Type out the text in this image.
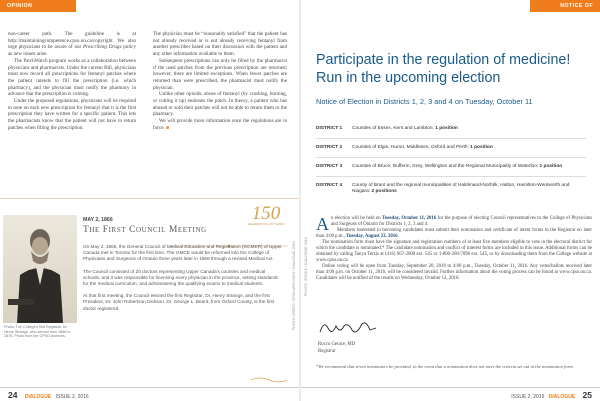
OPINION

non-career path. The guideline is at http://maintainingcompetence.cpso.on.ca/copyright. We also urge physicians to be aware of our Prescribing Drugs policy as new issues arise.

The PatchWatch program works as a collaboration between physicians and pharmacists. Under the current Bill, physicians must now record all prescriptions for fentanyl patches where the patient intends to fill the prescription (i.e. which pharmacy), and the physician must notify the pharmacy in advance that the prescription is coming.

Under the proposed regulations, physicians will be required to note on each new prescription for fentanyl that it is the first prescription they have written for a specific patient. This lets the pharmacists know that the patient will not have to return patches when filling the prescription.

The physician must be “reasonably satisfied” that the patient has not already received or is not already receiving fentanyl from another prescriber based on their discussion with the patient and any other information available to them.

Subsequent prescriptions can only be filled by the pharmacist if the used patches from the previous prescription are returned; however, there are limited exceptions. When fewer patches are returned than were prescribed, the pharmacist must notify the physician.

Unlike other opioids, abuse of fentanyl (by crushing, burning, or cutting it up) endorses the patch. In theory, a patient who has abused or sold their patches will not be able to return them to the pharmacy.

We will provide more information once the regulations are in force. ■

Photo: The College's first Registrar, Dr. Henry Strange, who served from 1866 to 1870. Photo from the CPSO Archives.
MAY 2, 1866
The First Council Meeting
150
CELEBRATING 150 YEARS

On May 2, 1866, the General Council of Medical Education and Registration (GCMER) of Upper Canada met in Toronto for the first time. The GMCE would be reformed into the College of Physicians and Surgeons of Ontario three years later in 1869 through a revised Medical Act.

The Council consisted of 20 doctors representing Upper Canada's counties and medical schools, and it was responsible for licensing every physician in the province, setting standards for the medical curriculum, and administering the qualifying exams to medical students.

At that first meeting, the Council elected the first Registrar, Dr. Henry Strange, and the first President, Dr. John Robertson Dickson. Dr. George L. Beard, from Oxford County, is the first doctor registered.	PHOTO CREDIT: CPSO ARCHIVES / DIALOGUE 2016
24 DIALOGUE ISSUE 2, 2016
NOTICE OF ELECTION
Participate in the regulation of medicine! Run in the upcoming election
Notice of Election in Districts 1, 2, 3 and 4 on Tuesday, October 11
DISTRICT 1	Counties of Essex, Kent and Lambton: 1 position
DISTRICT 2	Counties of Elgin, Huron, Middlesex, Oxford and Perth: 1 position
DISTRICT 3	Counties of Bruce, Dufferin, Grey, Wellington and the Regional Municipality of Waterloo: 1 position
DISTRICT 4	County of Brant and the regional municipalities of Haldimand-Norfolk, Halton, Hamilton-Wentworth and Niagara: 2 positions

An election will be held on Tuesday, October 11, 2016 for the purpose of electing Council representatives to the College of Physicians and Surgeons of Ontario for Districts 1, 2, 3 and 4.

Members interested in becoming candidates must submit their nomination and certificate of intent forms to the Registrar no later than 4:00 p.m., Tuesday, August 23, 2016.

The nomination form must have the signature and registration numbers of at least five members eligible to vote in the electoral district for which the candidate is nominated.* The candidate nomination and conflict of interest forms are included in this issue. Additional forms can be obtained by calling Tanya Terzis at (416) 967-2600 ext. 545 or 1-800-268-7096 ext. 545, or by downloading them from the College website at www.cpso.on.ca.

Online voting will be open from Tuesday, September 20, 2016 to 4:00 p.m., Tuesday, October 11, 2016. Any votes/ballots received later than 4:00 p.m. on October 11, 2016, will be considered invalid. Further information about the voting process can be found at www.cpso.on.ca. Candidates will be notified of the results on Wednesday, October 12, 2016.

Rocco Gerace, MD
Registrar
*We recommend that seven nominators be provided, in the event that a nomination does not meet the criteria set out in the nomination form.
PHOTO: ISTOCK / DIALOGUE 2016
ISSUE 2, 2016 DIALOGUE 25
